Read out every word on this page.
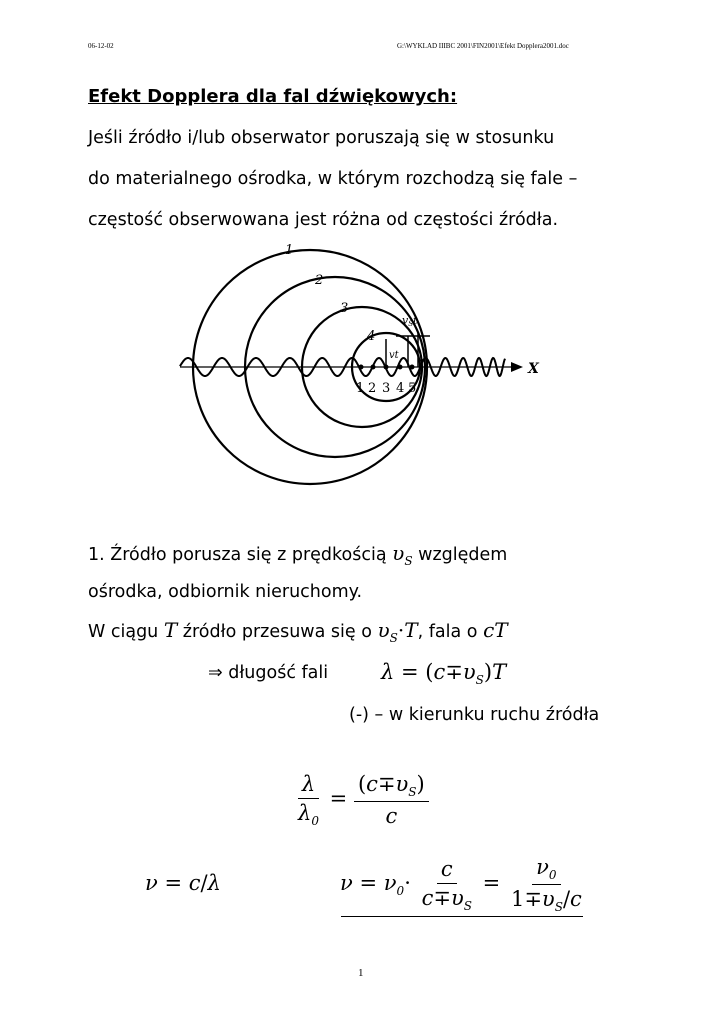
06-12-02	G:\WYKLAD IIIBC 2001\FIN2001\Efekt Dopplera2001.doc
Efekt Dopplera dla fal dźwiękowych:
Jeśli źródło i/lub obserwator poruszają się w stosunku
do materialnego ośrodka, w którym rozchodzą się fale –
częstość obserwowana jest różna od częstości źródła.
1
2
3
4
X
vSt
vt
1 2 3 4 5
1. Źródło porusza się z prędkością $\upsilon_S$ względem
ośrodka, odbiornik nieruchomy.
W ciągu T źródło przesuwa się o $\upsilon_S\cdot T$, fala o cT
⇒ długość fali	$\lambda = (c\mp\upsilon_S)T$
(-) – w kierunku ruchu źródła
$\frac{\lambda}{\lambda_0} = \frac{(c\mp\upsilon_S)}{c}$
ν = c/λ	$\nu = \nu_0\cdot \frac{c}{c\mp\upsilon_S} = \frac{\nu_0}{1\mp\upsilon_S/c}$
1
